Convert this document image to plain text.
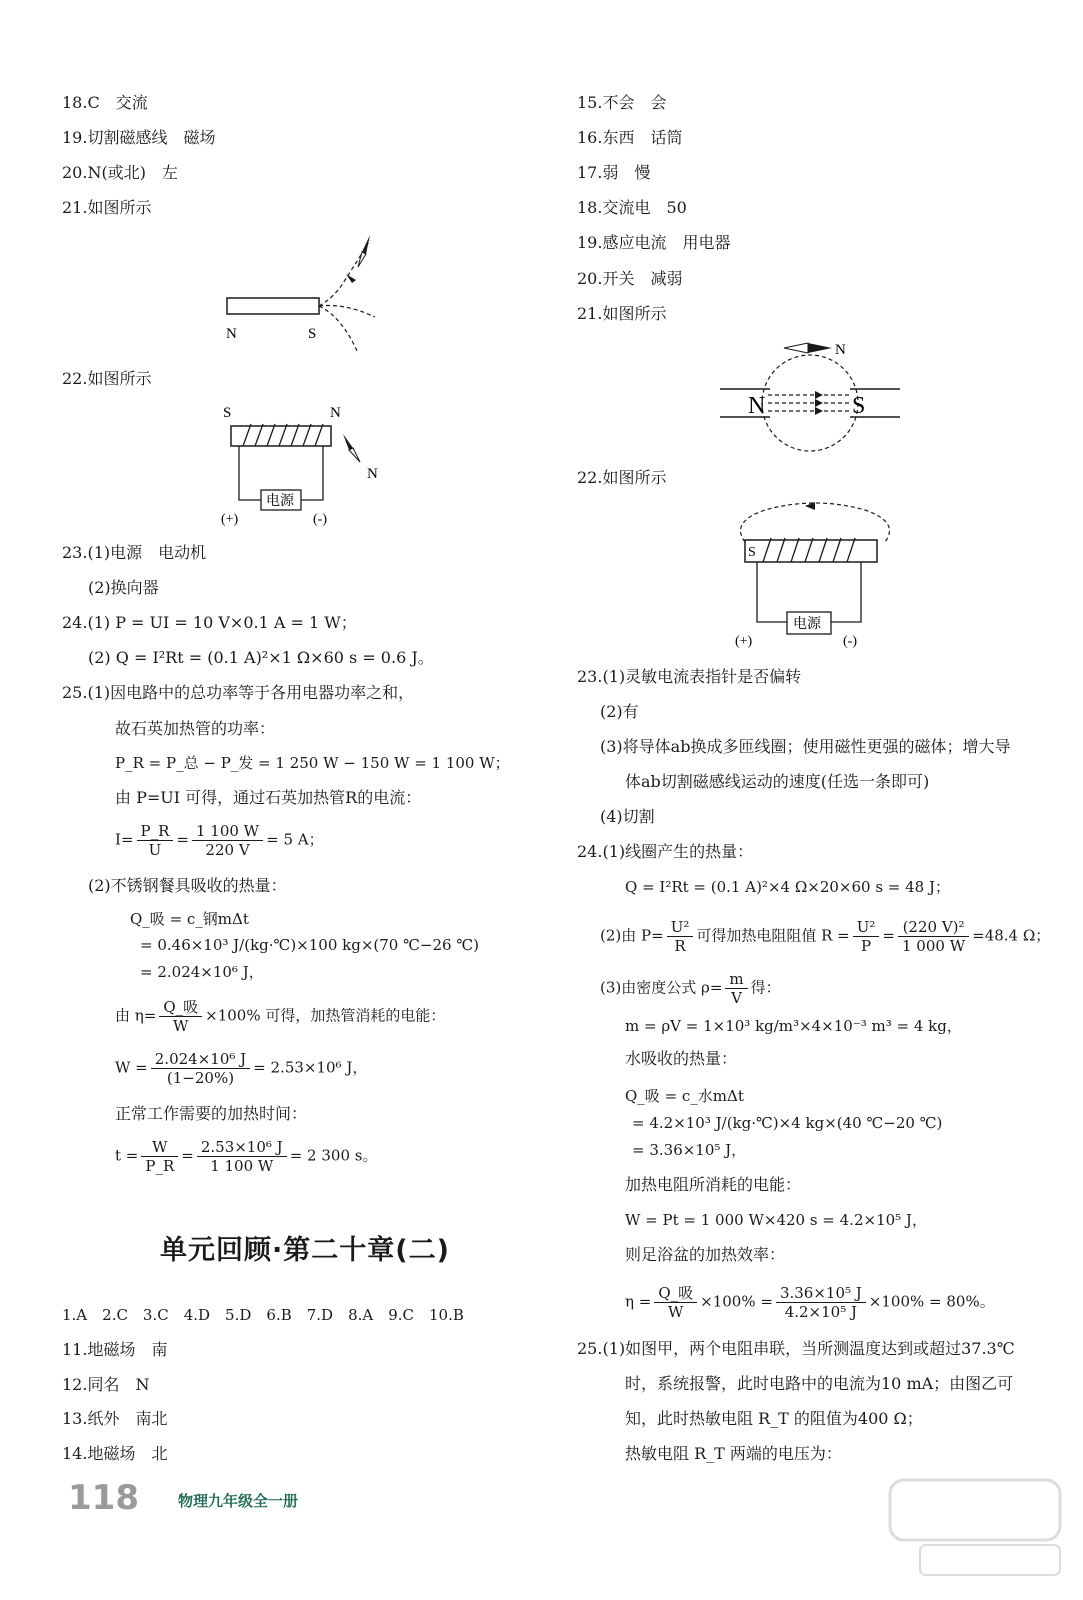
18.C　交流
19.切割磁感线　磁场
20.N(或北)　左
21.如图所示
N	S
22.如图所示
电源
(+)	(-)
S	N
N
23.(1)电源　电动机
(2)换向器
24.(1) P = UI = 10 V×0.1 A = 1 W；
(2) Q = I²Rt = (0.1 A)²×1 Ω×60 s = 0.6 J。
25.(1)因电路中的总功率等于各用电器功率之和，
故石英加热管的功率：
P_R = P_总 − P_发 = 1 250 W − 150 W = 1 100 W；
由 P=UI 可得，通过石英加热管R的电流：
$I= \frac{P\_R}{U} = \frac{1 100 W}{220 V} = 5$ A；
(2)不锈钢餐具吸收的热量：
Q_吸 = c_钢mΔt
= 0.46×10³ J/(kg·℃)×100 kg×(70 ℃−26 ℃)
= 2.024×10⁶ J，
由 $\eta= \frac{\text{Q\_吸}}{W} \times 100\%$ 可得，加热管消耗的电能：
$W = \frac{\text{2.024×10⁶ J}}{(1-20\%)} = 2.53\times 10^6$ J，
正常工作需要的加热时间：
$t = \frac{W}{P\_R} = \frac{\text{2.53×10⁶ J}}{1 100 W} = 2$ 300 s。
单元回顾·第二十章(二)
1.A　2.C　3.C　4.D　5.D　6.B　7.D　8.A　9.C　10.B
11.地磁场　南
12.同名　N
13.纸外　南北
14.地磁场　北
15.不会　会
16.东西　话筒
17.弱　慢
18.交流电　50
19.感应电流　用电器
20.开关　减弱
21.如图所示
N	S
N
22.如图所示
电源
(+)	(-)
S
23.(1)灵敏电流表指针是否偏转
(2)有
(3)将导体ab换成多匝线圈；使用磁性更强的磁体；增大导
体ab切割磁感线运动的速度(任选一条即可)
(4)切割
24.(1)线圈产生的热量：
Q = I²Rt = (0.1 A)²×4 Ω×20×60 s = 48 J；
(2)由 $P= \frac{\text{U²}}{R}$ 可得加热电阻阻值 $R = \frac{\text{U²}}{P} = \frac{\text{(220 V)²}}{1 000 W} =48.4$ Ω；
(3)由密度公式 $\rho= \frac{m}{V}$ 得：
m = ρV = 1×10³ kg/m³×4×10⁻³ m³ = 4 kg，
水吸收的热量：
Q_吸 = c_水mΔt
= 4.2×10³ J/(kg·℃)×4 kg×(40 ℃−20 ℃)
= 3.36×10⁵ J，
加热电阻所消耗的电能：
W = Pt = 1 000 W×420 s = 4.2×10⁵ J，
则足浴盆的加热效率：
$\eta = \frac{\text{Q\_吸}}{W} \times 100\% = \frac{\text{3.36×10⁵ J}}{\text{4.2×10⁵ J}} \times 100\% = 80\%$。
25.(1)如图甲，两个电阻串联，当所测温度达到或超过37.3℃
时，系统报警，此时电路中的电流为10 mA；由图乙可
知，此时热敏电阻 R_T 的阻值为400 Ω；
热敏电阻 R_T 两端的电压为：
118	物理九年级全一册
